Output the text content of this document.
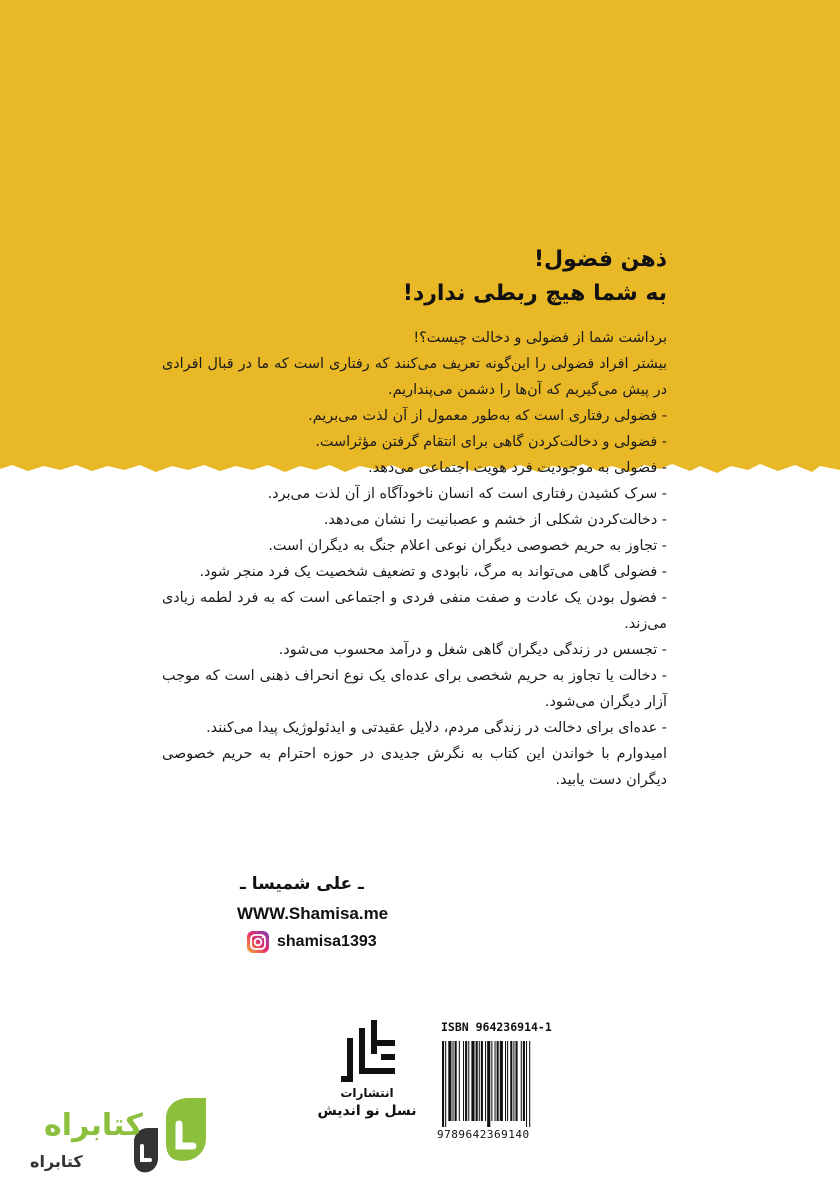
ذهن فضول!
به شما هیچ ربطی ندارد!

برداشت شما از فضولی و دخالت چیست؟!

بیشتر افراد فضولی را این‌گونه تعریف می‌کنند که رفتاری است که ما در قبال افرادی در پیش می‌گیریم که آن‌ها را دشمن می‌پنداریم.

- فضولی رفتاری است که به‌طور معمول از آن لذت می‌بریم.

- فضولی و دخالت‌کردن گاهی برای انتقام گرفتن مؤثراست.

- فضولی به موجودیت فرد هویت اجتماعی می‌دهد.

- سرک کشیدن رفتاری است که انسان ناخودآگاه از آن لذت می‌برد.

- دخالت‌کردن شکلی از خشم و عصبانیت را نشان می‌دهد.

- تجاوز به حریم خصوصی دیگران نوعی اعلام جنگ به دیگران است.

- فضولی گاهی می‌تواند به مرگ، نابودی و تضعیف شخصیت یک فرد منجر شود.

- فضول بودن یک عادت و صفت منفی فردی و اجتماعی است که به فرد لطمه زیادی می‌زند.

- تجسس در زندگی دیگران گاهی شغل و درآمد محسوب می‌شود.

- دخالت یا تجاوز به حریم شخصی برای عده‌ای یک نوع انحراف ذهنی است که موجب آزار دیگران می‌شود.

- عده‌ای برای دخالت در زندگی مردم، دلایل عقیدتی و ایدئولوژیک پیدا می‌کنند.

امیدوارم با خواندن این کتاب به نگرش جدیدی در حوزه احترام به حریم خصوصی دیگران دست یابید.

ـ علی شمیسا ـ
WWW.Shamisa.me
shamisa1393
انتشارات
نسل نو اندیش
ISBN 964236914-1
9789642369140
کتابراه
کتابراه
